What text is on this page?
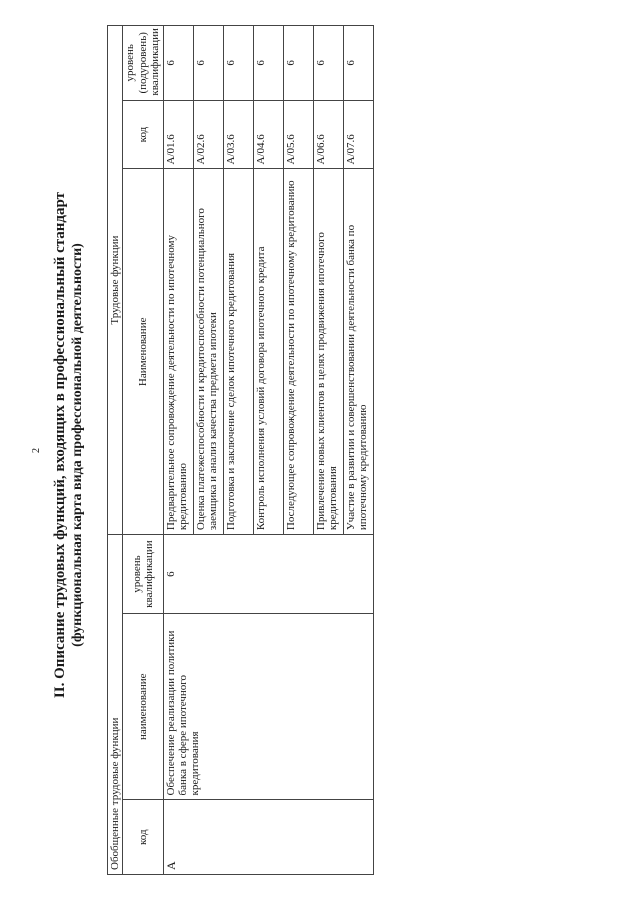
2 II. Описание трудовых функций, входящих в профессиональный стандарт (функциональная карта вида профессиональной деятельности)
Обобщенные трудовые функции			Трудовые функции		
код	наименование	уровень квалификации	Наименование	код	уровень (подуровень) квалификации
A	Обеспечение реализации политики банка в сфере ипотечного кредитования	6	Предварительное сопровождение деятельности по ипотечному кредитованию	A/01.6	6
			Оценка платежеспособности и кредитоспособности потенциального заемщика и анализ качества предмета ипотеки	A/02.6	6
			Подготовка и заключение сделок ипотечного кредитования	A/03.6	6
			Контроль исполнения условий договора ипотечного кредита	A/04.6	6
			Последующее сопровождение деятельности по ипотечному кредитованию	A/05.6	6
			Привлечение новых клиентов в целях продвижения ипотечного кредитования	A/06.6	6
			Участие в развитии и совершенствовании деятельности банка по ипотечному кредитованию	A/07.6	6
